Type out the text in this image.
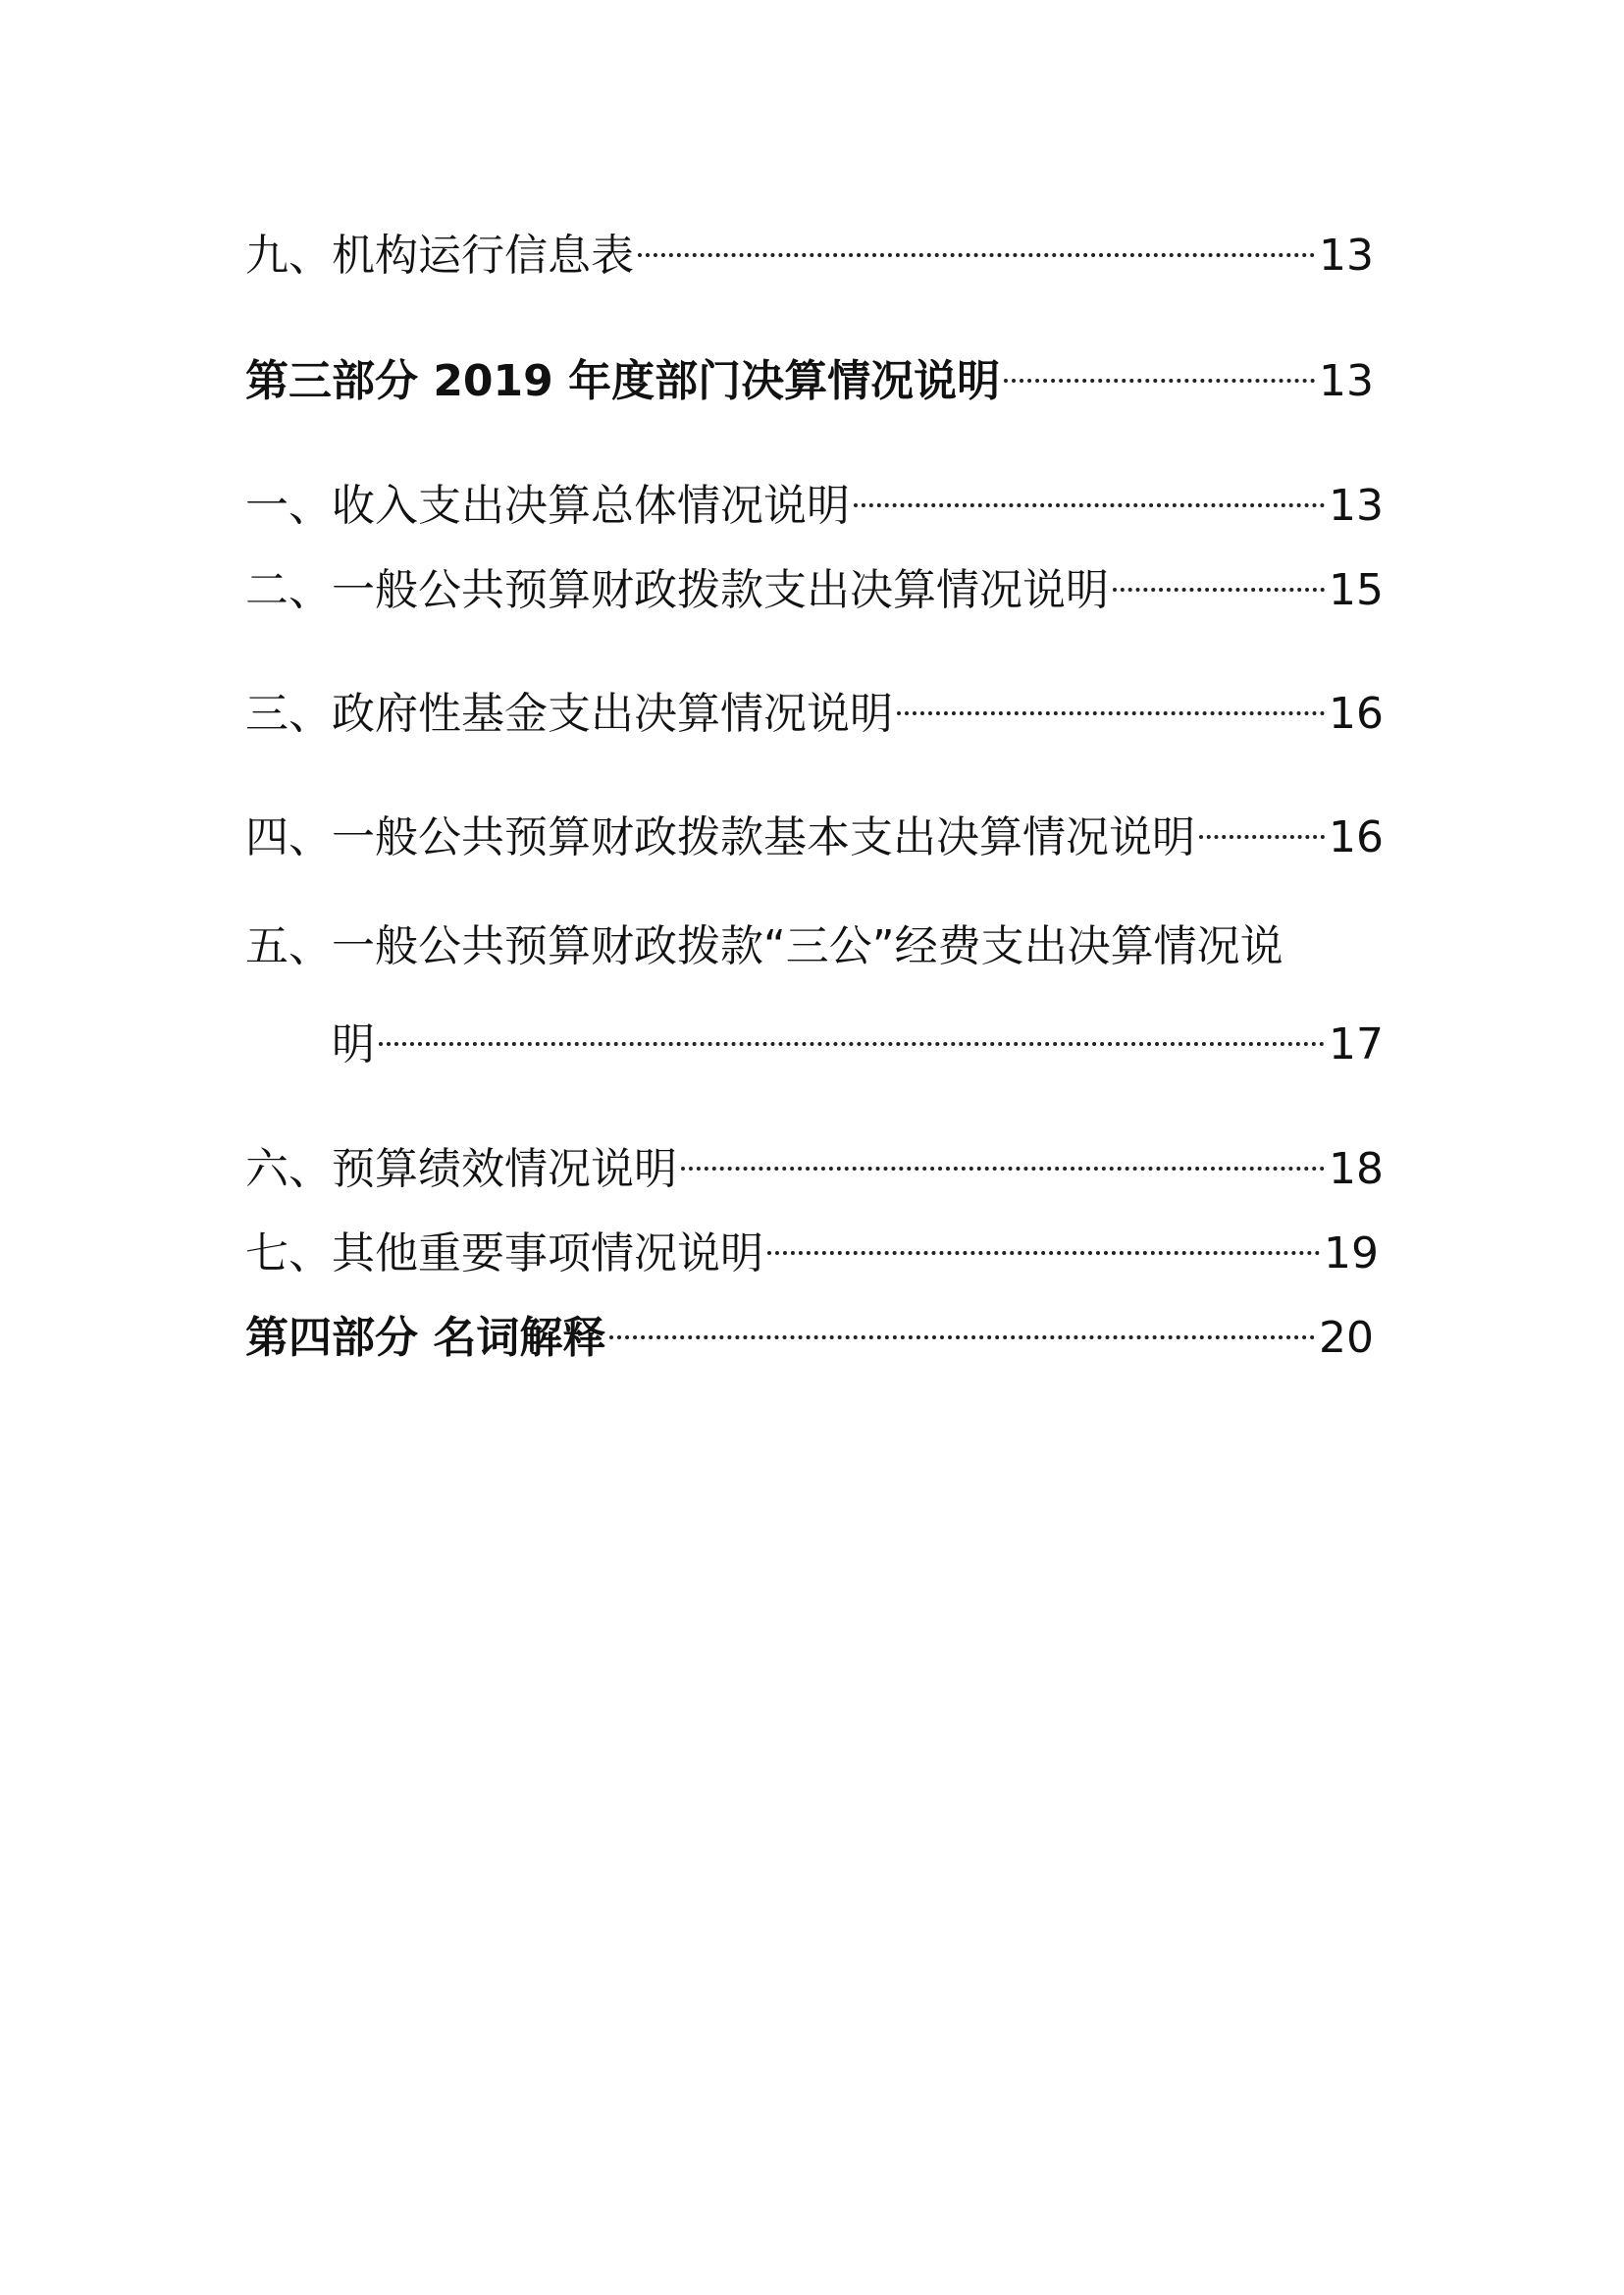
九、机构运行信息表	13
第三部分 2019 年度部门决算情况说明	13
一、收入支出决算总体情况说明	13
二、一般公共预算财政拨款支出决算情况说明	15
三、政府性基金支出决算情况说明	16
四、一般公共预算财政拨款基本支出决算情况说明	16
五、一般公共预算财政拨款“三公”经费支出决算情况说
明	17
六、预算绩效情况说明	18
七、其他重要事项情况说明	19
第四部分 名词解释	20
